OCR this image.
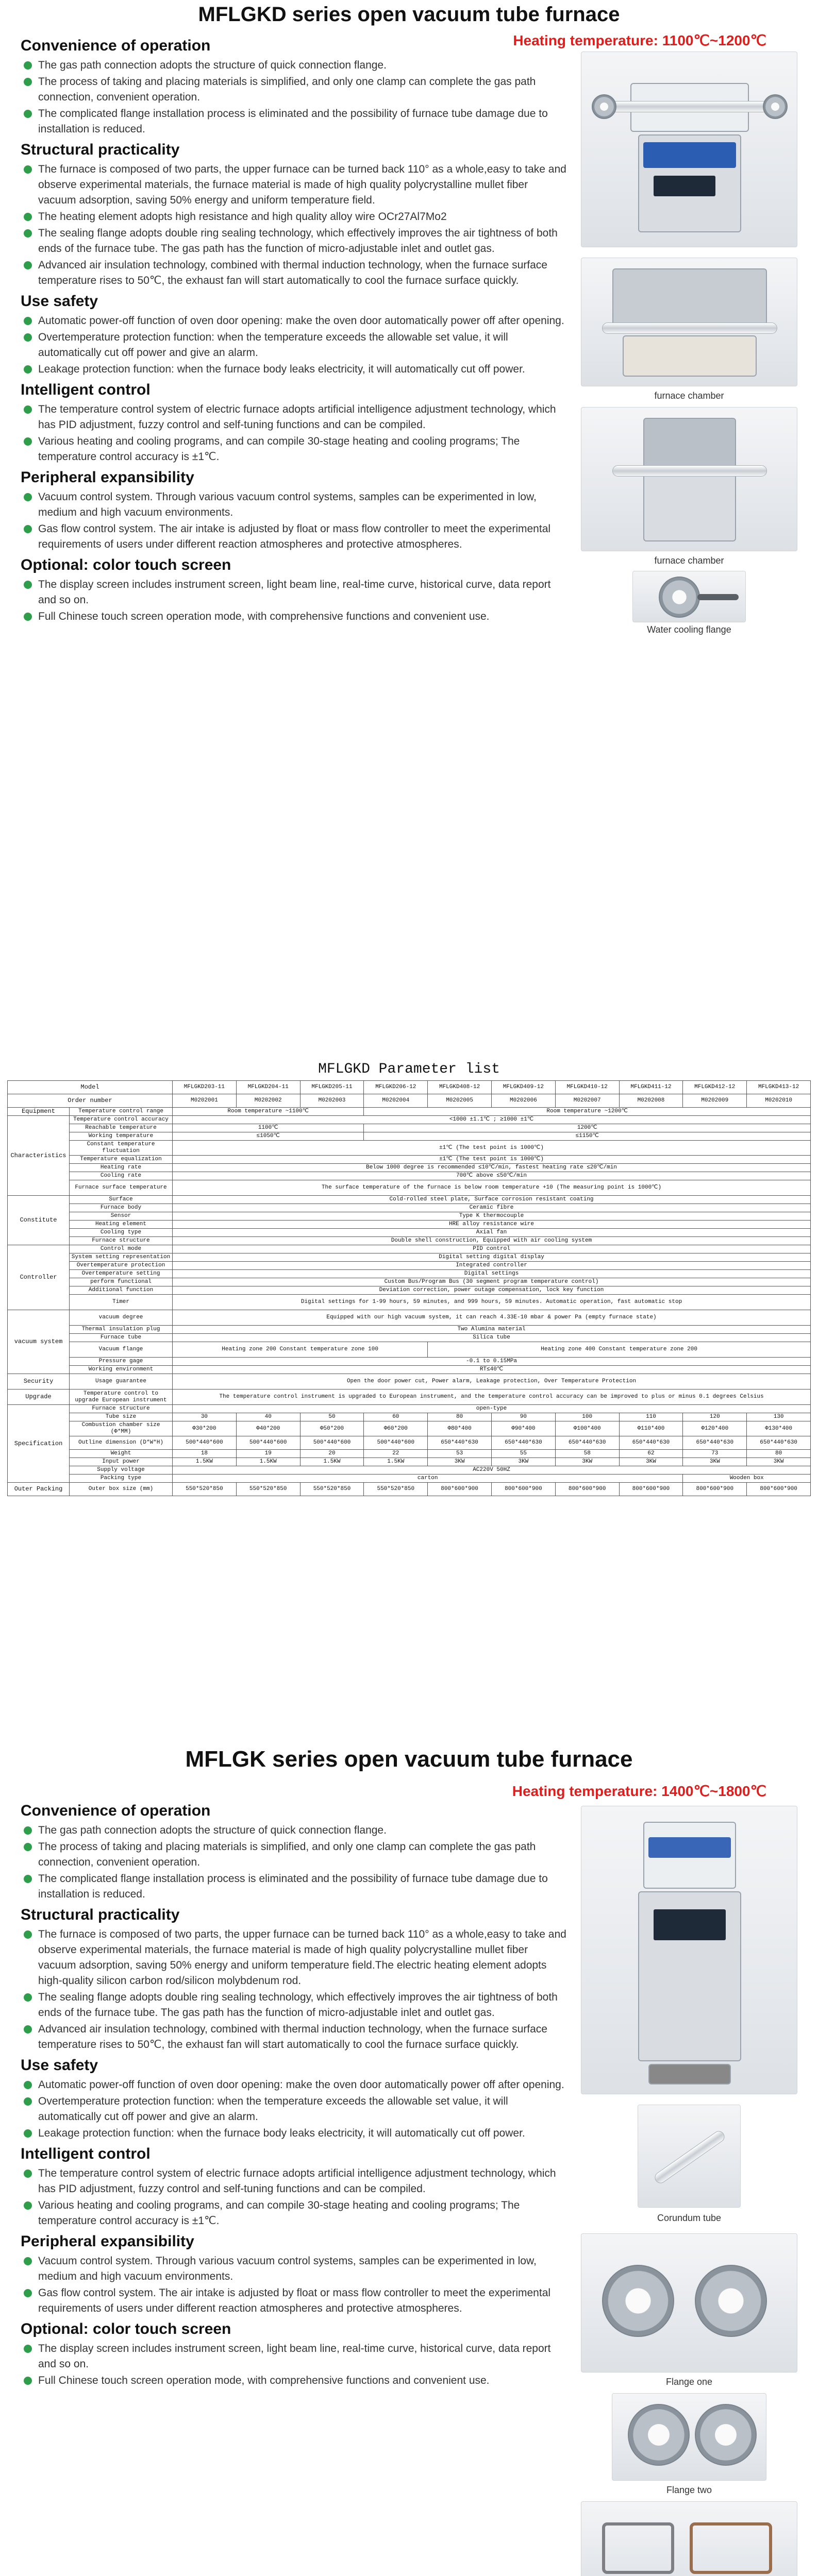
MFLGKD series open vacuum tube furnace
Heating temperature: 1100℃~1200℃
Convenience of operation
The gas path connection adopts the structure of quick connection flange.
The process of taking and placing materials is simplified, and only one clamp can complete the gas path connection, convenient operation.
The complicated flange installation process is eliminated and the possibility of furnace tube damage due to installation is reduced.
Structural practicality
The furnace is composed of two parts, the upper furnace can be turned back 110° as a whole,easy to take and observe experimental materials, the furnace material is made of high quality polycrystalline mullet fiber vacuum adsorption, saving 50% energy and uniform temperature field.
The heating element adopts high resistance and high quality alloy wire OCr27Al7Mo2
The sealing flange adopts double ring sealing technology, which effectively improves the air tightness of both ends of the furnace tube. The gas path has the function of micro-adjustable inlet and outlet gas.
Advanced air insulation technology, combined with thermal induction technology, when the furnace surface temperature rises to 50℃, the exhaust fan will start automatically to cool the furnace surface quickly.
Use safety
Automatic power-off function of oven door opening: make the oven door automatically power off after opening.
Overtemperature protection function: when the temperature exceeds the allowable set value, it will automatically cut off power and give an alarm.
Leakage protection function: when the furnace body leaks electricity, it will automatically cut off power.
Intelligent control
The temperature control system of electric furnace adopts artificial intelligence adjustment technology, which has PID adjustment, fuzzy control and self-tuning functions and can be compiled.
Various heating and cooling programs, and can compile 30-stage heating and cooling programs; The temperature control accuracy is ±1℃.
Peripheral expansibility
Vacuum control system. Through various vacuum control systems, samples can be experimented in low, medium and high vacuum environments.
Gas flow control system. The air intake is adjusted by float or mass flow controller to meet the experimental requirements of users under different reaction atmospheres and protective atmospheres.
Optional: color touch screen
The display screen includes instrument screen, light beam line, real-time curve, historical curve, data report and so on.
Full Chinese touch screen operation mode, with comprehensive functions and convenient use.
furnace chamber
furnace chamber
Water cooling flange
MFLGKD Parameter list
Model		MFLGKD203-11	MFLGKD204-11	MFLGKD205-11	MFLGKD206-12	MFLGKD408-12	MFLGKD409-12	MFLGKD410-12	MFLGKD411-12	MFLGKD412-12	MFLGKD413-12
Order number		M0202001	M0202002	M0202003	M0202004	M0202005	M0202006	M0202007	M0202008	M0202009	M0202010
Equipment	Temperature control range	Room temperature ~1100℃			Room temperature ~1200℃						
Characteristics	Temperature control accuracy	<1000 ±1.1℃ ; ≥1000 ±1℃									
	Reachable temperature	1100℃			1200℃						
	Working temperature	≤1050℃			≤1150℃						
	Constant temperature fluctuation	±1℃ (The test point is 1000℃)									
	Temperature equalization	±1℃ (The test point is 1000℃)									
	Heating rate	Below 1000 degree is recommended ≤10℃/min, fastest heating rate ≤20℃/min									
	Cooling rate	700℃ above ≤50℃/min									
	Furnace surface temperature	The surface temperature of the furnace is below room temperature +10 (The measuring point is 1000℃)									
Constitute	Surface	Cold-rolled steel plate, Surface corrosion resistant coating									
	Furnace body	Ceramic fibre									
	Sensor	Type K thermocouple									
	Heating element	HRE alloy resistance wire									
	Cooling type	Axial fan									
	Furnace structure	Double shell construction, Equipped with air cooling system									
Controller	Control mode	PID control									
	System setting representation	Digital setting digital display									
	Overtemperature protection	Integrated controller									
	Overtemperature setting	Digital settings									
	perform functional	Custom Bus/Program Bus (30 segment program temperature control)									
	Additional function	Deviation correction, power outage compensation, lock key function									
	Timer	Digital settings for 1-99 hours, 59 minutes, and 999 hours, 59 minutes. Automatic operation, fast automatic stop									
vacuum system	vacuum degree	Equipped with our high vacuum system, it can reach 4.33E-10 mbar & power Pa (empty furnace state)									
	Thermal insulation plug	Two Alumina material									
	Furnace tube	Silica tube									
	Vacuum flange	Heating zone 200 Constant temperature zone 100				Heating zone 400 Constant temperature zone 200					
	Pressure gage	-0.1 to 0.15MPa									
	Working environment	RT≤40℃									
Security	Usage guarantee	Open the door power cut, Power alarm, Leakage protection, Over Temperature Protection									
Upgrade	Temperature control to upgrade European instrument	The temperature control instrument is upgraded to European instrument, and the temperature control accuracy can be improved to plus or minus 0.1 degrees Celsius									
Specification	Furnace structure	open-type									
	Tube size	30	40	50	60	80	90	100	110	120	130
	Combustion chamber size (Φ*MM)	Φ30*200	Φ40*200	Φ50*200	Φ60*200	Φ80*400	Φ90*400	Φ100*400	Φ110*400	Φ120*400	Φ130*400
	Outline dimension (D*W*H)	500*440*600	500*440*600	500*440*600	500*440*600	650*440*630	650*440*630	650*440*630	650*440*630	650*440*630	650*440*630
	Weight	18	19	20	22	53	55	58	62	73	80
	Input power	1.5KW	1.5KW	1.5KW	1.5KW	3KW	3KW	3KW	3KW	3KW	3KW
	Supply voltage	AC220V 50HZ									
	Packing type	carton								Wooden box	
Outer Packing	Outer box size (mm)	550*520*850	550*520*850	550*520*850	550*520*850	800*600*900	800*600*900	800*600*900	800*600*900	800*600*900	800*600*900
MFLGK series open vacuum tube furnace
Heating temperature: 1400℃~1800℃
Convenience of operation
The gas path connection adopts the structure of quick connection flange.
The process of taking and placing materials is simplified, and only one clamp can complete the gas path connection, convenient operation.
The complicated flange installation process is eliminated and the possibility of furnace tube damage due to installation is reduced.
Structural practicality
The furnace is composed of two parts, the upper furnace can be turned back 110° as a whole,easy to take and observe experimental materials, the furnace material is made of high quality polycrystalline mullet fiber vacuum adsorption, saving 50% energy and uniform temperature field.The electric heating element adopts high-quality silicon carbon rod/silicon molybdenum rod.
The sealing flange adopts double ring sealing technology, which effectively improves the air tightness of both ends of the furnace tube. The gas path has the function of micro-adjustable inlet and outlet gas.
Advanced air insulation technology, combined with thermal induction technology, when the furnace surface temperature rises to 50℃, the exhaust fan will start automatically to cool the furnace surface quickly.
Use safety
Automatic power-off function of oven door opening: make the oven door automatically power off after opening.
Overtemperature protection function: when the temperature exceeds the allowable set value, it will automatically cut off power and give an alarm.
Leakage protection function: when the furnace body leaks electricity, it will automatically cut off power.
Intelligent control
The temperature control system of electric furnace adopts artificial intelligence adjustment technology, which has PID adjustment, fuzzy control and self-tuning functions and can be compiled.
Various heating and cooling programs, and can compile 30-stage heating and cooling programs; The temperature control accuracy is ±1℃.
Peripheral expansibility
Vacuum control system. Through various vacuum control systems, samples can be experimented in low, medium and high vacuum environments.
Gas flow control system. The air intake is adjusted by float or mass flow controller to meet the experimental requirements of users under different reaction atmospheres and protective atmospheres.
Optional: color touch screen
The display screen includes instrument screen, light beam line, real-time curve, historical curve, data report and so on.
Full Chinese touch screen operation mode, with comprehensive functions and convenient use.
Corundum tube
Flange one
Flange two
